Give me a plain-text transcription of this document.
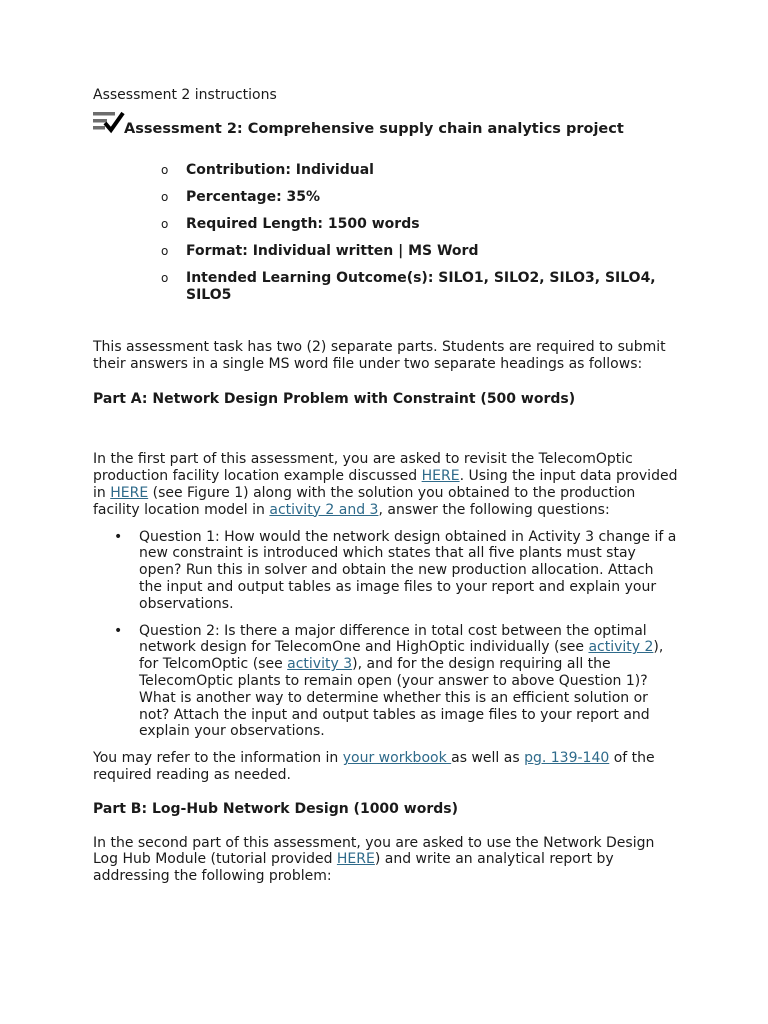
Assessment 2 instructions

Assessment 2: Comprehensive supply chain analytics project
o Contribution: Individual
o Percentage: 35%
o Required Length: 1500 words
o Format: Individual written | MS Word
o Intended Learning Outcome(s): SILO1, SILO2, SILO3, SILO4, SILO5

This assessment task has two (2) separate parts. Students are required to submit their answers in a single MS word file under two separate headings as follows:

Part A: Network Design Problem with Constraint (500 words)

In the first part of this assessment, you are asked to revisit the TelecomOptic production facility location example discussed HERE. Using the input data provided in HERE (see Figure 1) along with the solution you obtained to the production facility location model in activity 2 and 3, answer the following questions:

• Question 1: How would the network design obtained in Activity 3 change if a new constraint is introduced which states that all five plants must stay open? Run this in solver and obtain the new production allocation. Attach the input and output tables as image files to your report and explain your observations.
• Question 2: Is there a major difference in total cost between the optimal network design for TelecomOne and HighOptic individually (see activity 2), for TelcomOptic (see activity 3), and for the design requiring all the TelecomOptic plants to remain open (your answer to above Question 1)? What is another way to determine whether this is an efficient solution or not? Attach the input and output tables as image files to your report and explain your observations.

You may refer to the information in your workbook as well as pg. 139-140 of the required reading as needed.

Part B: Log-Hub Network Design (1000 words)

In the second part of this assessment, you are asked to use the Network Design Log Hub Module (tutorial provided HERE) and write an analytical report by addressing the following problem:
